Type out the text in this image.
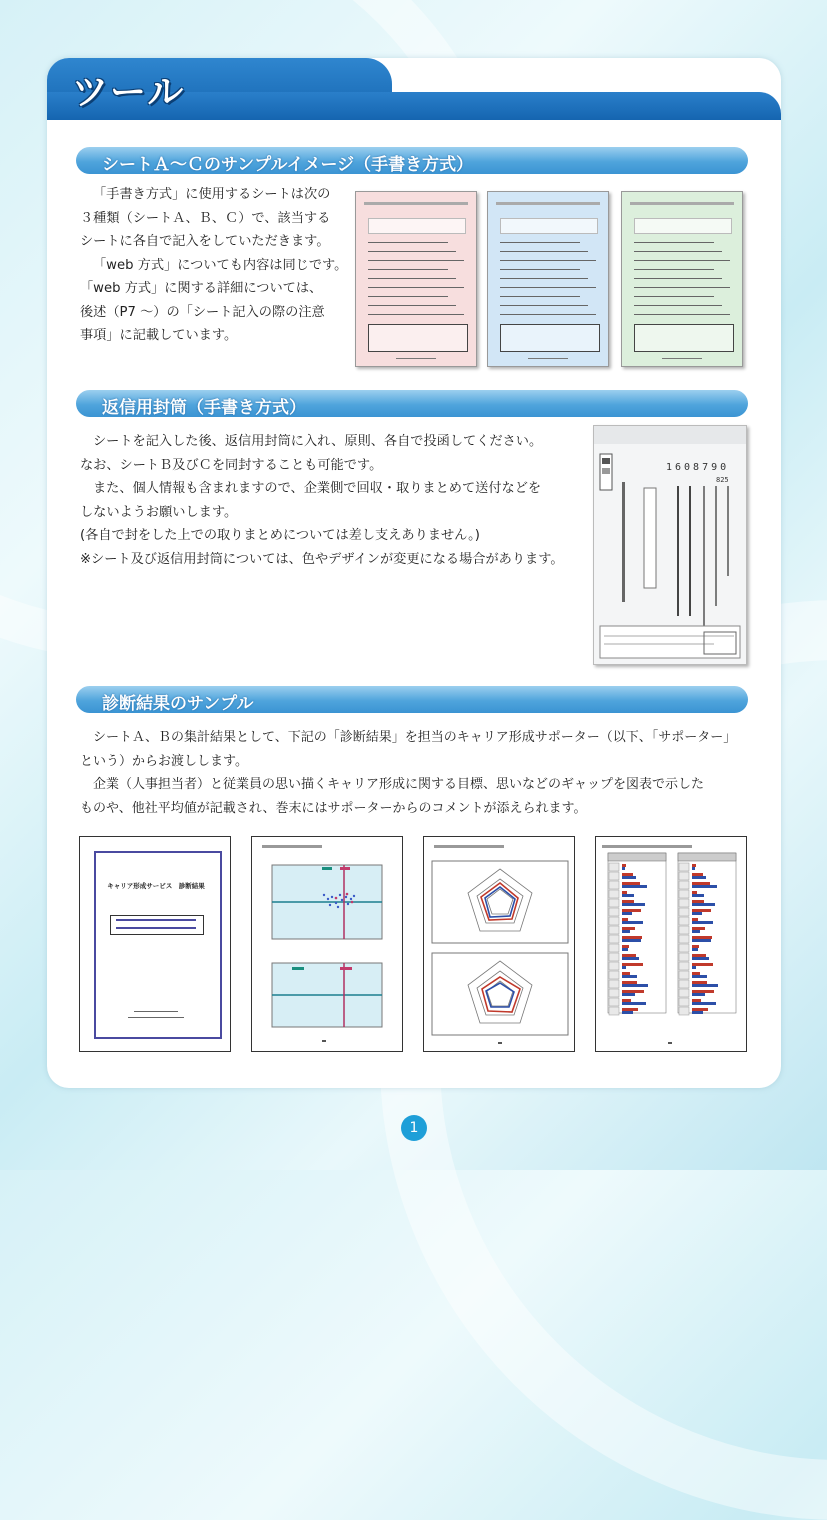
ツール
シートＡ～Ｃのサンプルイメージ（手書き方式）

「手書き方式」に使用するシートは次の

３種類（シートＡ、Ｂ、Ｃ）で、該当する

シートに各自で記入をしていただきます。

「web 方式」についても内容は同じです。

「web 方式」に関する詳細については、

後述（P7 ～）の「シート記入の際の注意

事項」に記載しています。

返信用封筒（手書き方式）

シートを記入した後、返信用封筒に入れ、原則、各自で投函してください。

なお、シートＢ及びＣを同封することも可能です。

また、個人情報も含まれますので、企業側で回収・取りまとめて送付などを

しないようお願いします。

(各自で封をした上での取りまとめについては差し支えありません。)

※シート及び返信用封筒については、色やデザインが変更になる場合があります。

1608790
825
診断結果のサンプル

シートＡ、Ｂの集計結果として、下記の「診断結果」を担当のキャリア形成サポーター（以下、「サポーター」

という）からお渡しします。

企業（人事担当者）と従業員の思い描くキャリア形成に関する目標、思いなどのギャップを図表で示した

ものや、他社平均値が記載され、巻末にはサポーターからのコメントが添えられます。

キャリア形成サービス　診断結果
1
